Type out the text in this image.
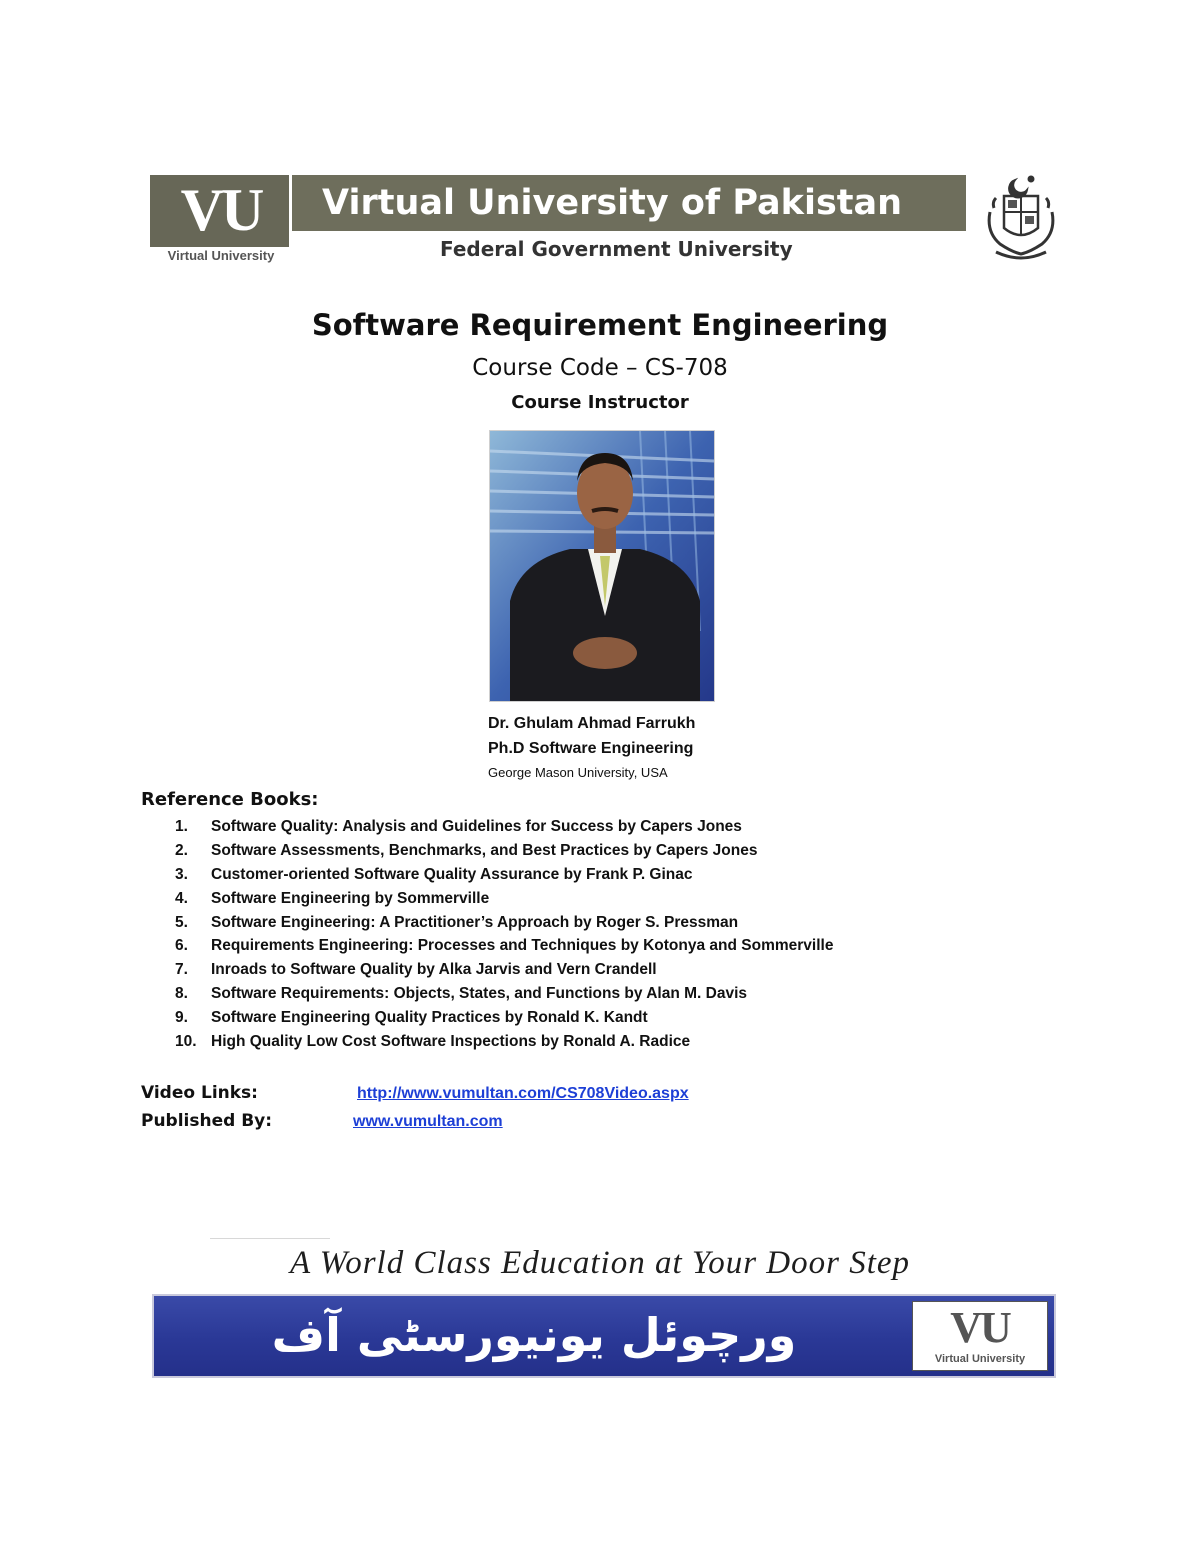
VU
Virtual University
Virtual University of Pakistan
Federal Government University
Software Requirement Engineering
Course Code – CS-708
Course Instructor
Dr. Ghulam Ahmad Farrukh
Ph.D Software Engineering
George Mason University, USA
Reference Books:
1.	Software Quality: Analysis and Guidelines for Success by Capers Jones
2.	Software Assessments, Benchmarks, and Best Practices by Capers Jones
3.	Customer-oriented Software Quality Assurance by Frank P. Ginac
4.	Software Engineering by Sommerville
5.	Software Engineering: A Practitioner’s Approach by Roger S. Pressman
6.	Requirements Engineering: Processes and Techniques by Kotonya and Sommerville
7.	Inroads to Software Quality by Alka Jarvis and Vern Crandell
8.	Software Requirements: Objects, States, and Functions by Alan M. Davis
9.	Software Engineering Quality Practices by Ronald K. Kandt
10. High Quality Low Cost Software Inspections by Ronald A. Radice
Video Links:	http://www.vumultan.com/CS708Video.aspx
Published By:	www.vumultan.com
A World Class Education at Your Door Step
ورچوئل یونیورسٹی آف پاکستان
VU
Virtual University
